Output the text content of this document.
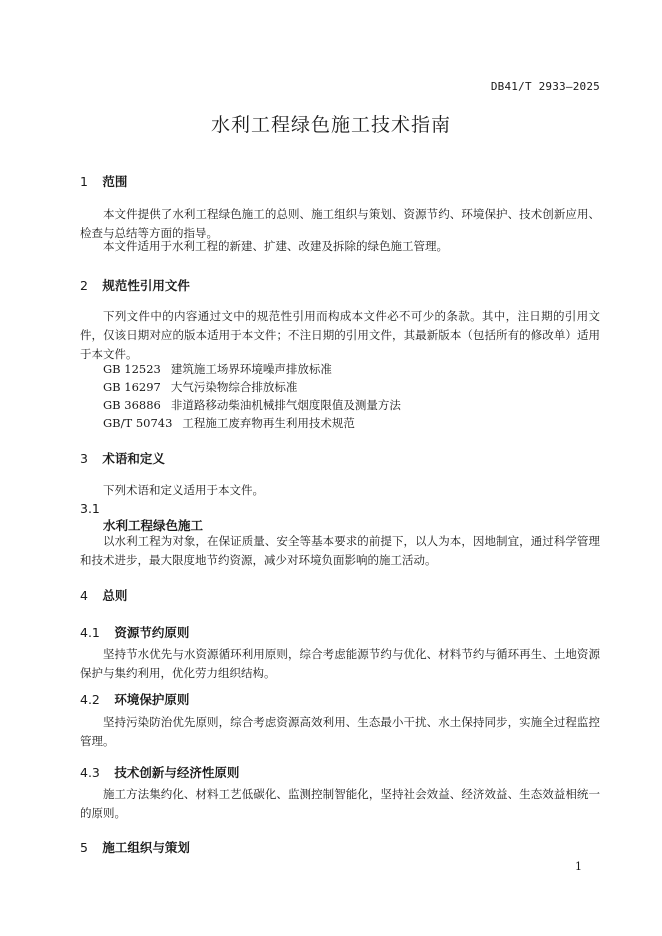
DB41/T 2933—2025
水利工程绿色施工技术指南
1 范围
本文件提供了水利工程绿色施工的总则、施工组织与策划、资源节约、环境保护、技术创新应用、检查与总结等方面的指导。
本文件适用于水利工程的新建、扩建、改建及拆除的绿色施工管理。
2 规范性引用文件
下列文件中的内容通过文中的规范性引用而构成本文件必不可少的条款。其中，注日期的引用文件，仅该日期对应的版本适用于本文件；不注日期的引用文件，其最新版本（包括所有的修改单）适用于本文件。
GB 12523 建筑施工场界环境噪声排放标准
GB 16297 大气污染物综合排放标准
GB 36886 非道路移动柴油机械排气烟度限值及测量方法
GB/T 50743 工程施工废弃物再生利用技术规范
3 术语和定义
下列术语和定义适用于本文件。
3.1
水利工程绿色施工
以水利工程为对象，在保证质量、安全等基本要求的前提下，以人为本，因地制宜，通过科学管理和技术进步，最大限度地节约资源，减少对环境负面影响的施工活动。
4 总则
4.1 资源节约原则
坚持节水优先与水资源循环利用原则，综合考虑能源节约与优化、材料节约与循环再生、土地资源保护与集约利用，优化劳力组织结构。
4.2 环境保护原则
坚持污染防治优先原则，综合考虑资源高效利用、生态最小干扰、水土保持同步，实施全过程监控管理。
4.3 技术创新与经济性原则
施工方法集约化、材料工艺低碳化、监测控制智能化，坚持社会效益、经济效益、生态效益相统一的原则。
5 施工组织与策划
1
